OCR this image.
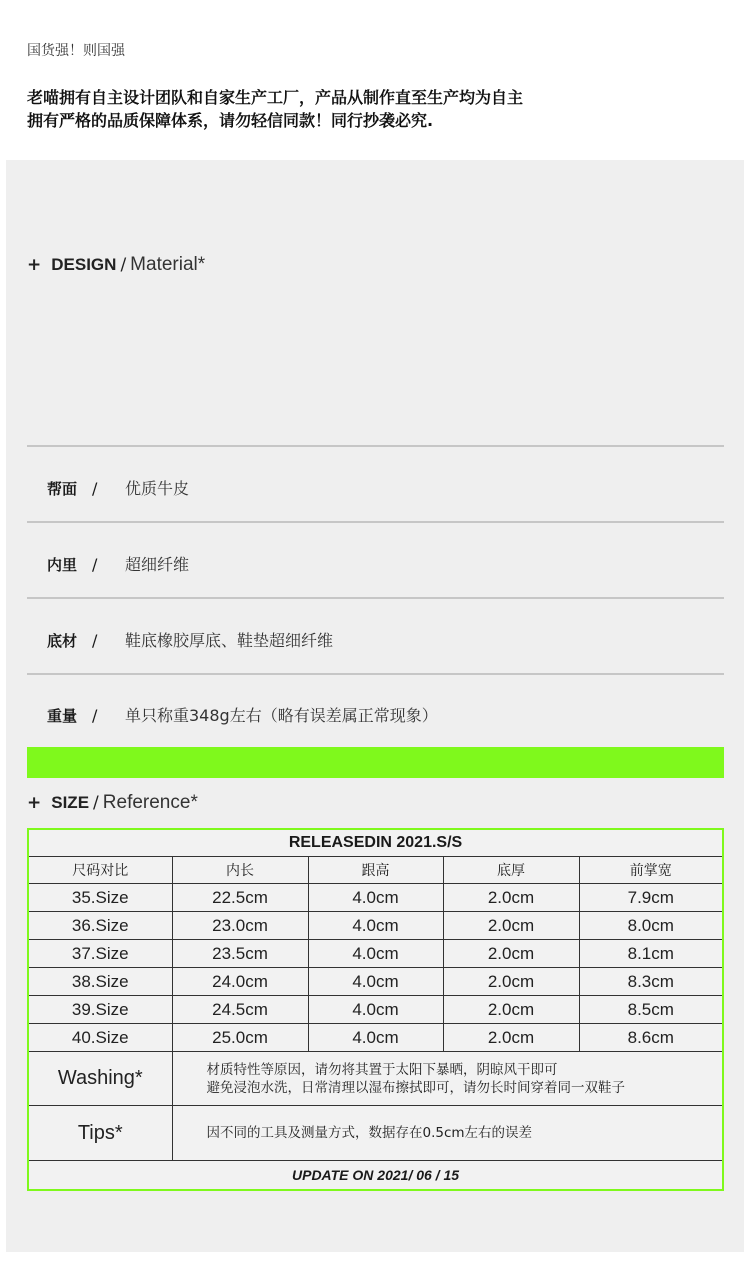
国货强！则国强
老喵拥有自主设计团队和自家生产工厂，产品从制作直至生产均为自主
拥有严格的品质保障体系，请勿轻信同款！同行抄袭必究.
+ DESIGN / Material*
帮面 / 优质牛皮
内里 / 超细纤维
底材 / 鞋底橡胶厚底、鞋垫超细纤维
重量 / 单只称重348g左右（略有误差属正常现象）
+ SIZE / Reference*
RELEASEDIN 2021.S/S				
尺码对比	内长	跟高	底厚	前掌宽
35.Size	22.5cm	4.0cm	2.0cm	7.9cm
36.Size	23.0cm	4.0cm	2.0cm	8.0cm
37.Size	23.5cm	4.0cm	2.0cm	8.1cm
38.Size	24.0cm	4.0cm	2.0cm	8.3cm
39.Size	24.5cm	4.0cm	2.0cm	8.5cm
40.Size	25.0cm	4.0cm	2.0cm	8.6cm
Washing*	材质特性等原因，请勿将其置于太阳下暴晒，阴晾风干即可
避免浸泡水洗，日常清理以湿布擦拭即可，请勿长时间穿着同一双鞋子			

Tips*	因不同的工具及测量方式，数据存在0.5cm左右的误差			
UPDATE ON 2021/ 06 / 15				
